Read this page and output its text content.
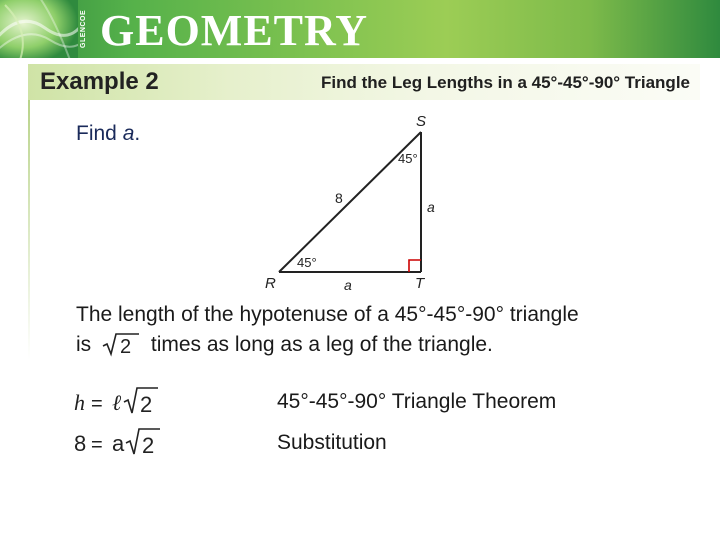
GLENCOE GEOMETRY
Example 2	Find the Leg Lengths in a 45°-45°-90° Triangle
Find a.
S
R	T
45°
45°
8
a
a
The length of the hypotenuse of a 45°-45°-90° triangle
is 2 times as long as a leg of the triangle.
h = ℓ 2	45°-45°-90° Triangle Theorem
8 = a 2	Substitution
